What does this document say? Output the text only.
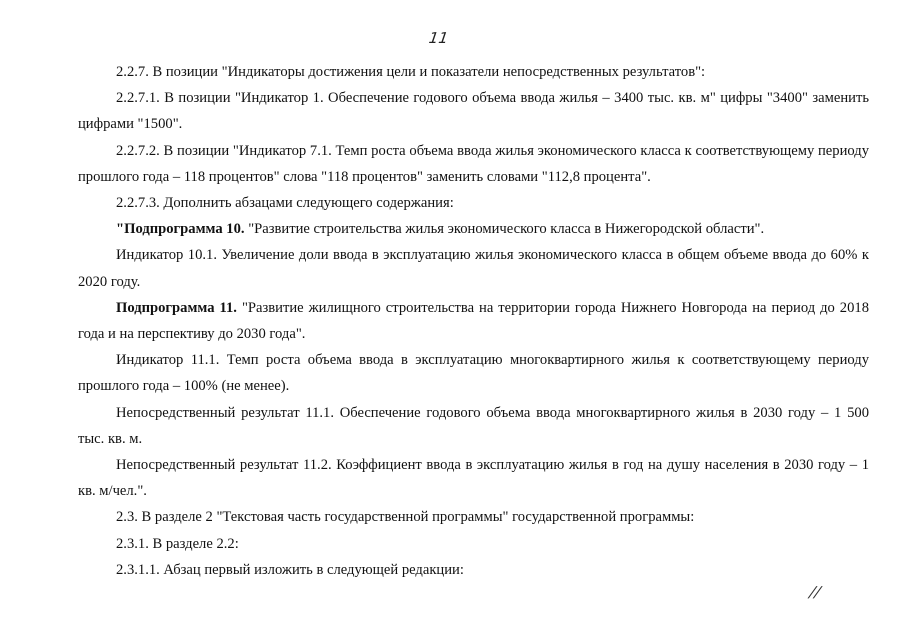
11

2.2.7. В позиции "Индикаторы достижения цели и показатели непосредственных результатов":

2.2.7.1. В позиции "Индикатор 1. Обеспечение годового объема ввода жилья – 3400 тыс. кв. м" цифры "3400" заменить цифрами "1500".

2.2.7.2. В позиции "Индикатор 7.1. Темп роста объема ввода жилья экономического класса к соответствующему периоду прошлого года – 118 процентов" слова "118 процентов" заменить словами "112,8 процента".

2.2.7.3. Дополнить абзацами следующего содержания:

"Подпрограмма 10. "Развитие строительства жилья экономического класса в Нижегородской области".

Индикатор 10.1. Увеличение доли ввода в эксплуатацию жилья экономического класса в общем объеме ввода до 60% к 2020 году.

Подпрограмма 11. "Развитие жилищного строительства на территории города Нижнего Новгорода на период до 2018 года и на перспективу до 2030 года".

Индикатор 11.1. Темп роста объема ввода в эксплуатацию многоквартирного жилья к соответствующему периоду прошлого года – 100% (не менее).

Непосредственный результат 11.1. Обеспечение годового объема ввода многоквартирного жилья в 2030 году – 1 500 тыс. кв. м.

Непосредственный результат 11.2. Коэффициент ввода в эксплуатацию жилья в год на душу населения в 2030 году – 1 кв. м/чел.".

2.3. В разделе 2 "Текстовая часть государственной программы" государственной программы:

2.3.1. В разделе 2.2:

2.3.1.1. Абзац первый изложить в следующей редакции:

//
